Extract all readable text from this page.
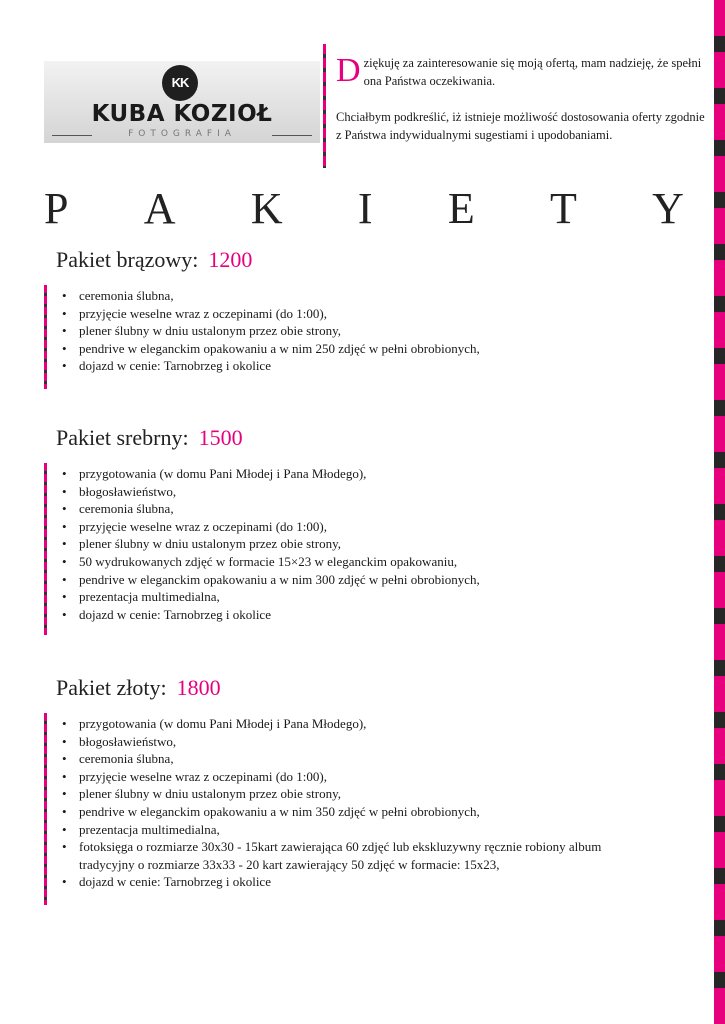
KK
KUBA KOZIOŁ
FOTOGRAFIA

Dziękuję za zainteresowanie się moją ofertą, mam nadzieję, że spełni ona Państwa oczekiwania.

Chciałbym podkreślić, iż istnieje możliwość dostosowania oferty zgodnie z Państwa indywidualnymi sugestiami i upodobaniami.

P A K I E T Y
Pakiet brązowy: 1200
• ceremonia ślubna,
• przyjęcie weselne wraz z oczepinami (do 1:00),
• plener ślubny w dniu ustalonym przez obie strony,
• pendrive w eleganckim opakowaniu a w nim 250 zdjęć w pełni obrobionych,
• dojazd w cenie: Tarnobrzeg i okolice
Pakiet srebrny: 1500
• przygotowania (w domu Pani Młodej i Pana Młodego),
• błogosławieństwo,
• ceremonia ślubna,
• przyjęcie weselne wraz z oczepinami (do 1:00),
• plener ślubny w dniu ustalonym przez obie strony,
• 50 wydrukowanych zdjęć w formacie 15×23 w eleganckim opakowaniu,
• pendrive w eleganckim opakowaniu a w nim 300 zdjęć w pełni obrobionych,
• prezentacja multimedialna,
• dojazd w cenie: Tarnobrzeg i okolice
Pakiet złoty: 1800
• przygotowania (w domu Pani Młodej i Pana Młodego),
• błogosławieństwo,
• ceremonia ślubna,
• przyjęcie weselne wraz z oczepinami (do 1:00),
• plener ślubny w dniu ustalonym przez obie strony,
• pendrive w eleganckim opakowaniu a w nim 350 zdjęć w pełni obrobionych,
• prezentacja multimedialna,
• fotoksięga o rozmiarze 30x30 - 15kart zawierająca 60 zdjęć lub ekskluzywny ręcznie robiony album tradycyjny o rozmiarze 33x33 - 20 kart zawierający 50 zdjęć w formacie: 15x23,
• dojazd w cenie: Tarnobrzeg i okolice
